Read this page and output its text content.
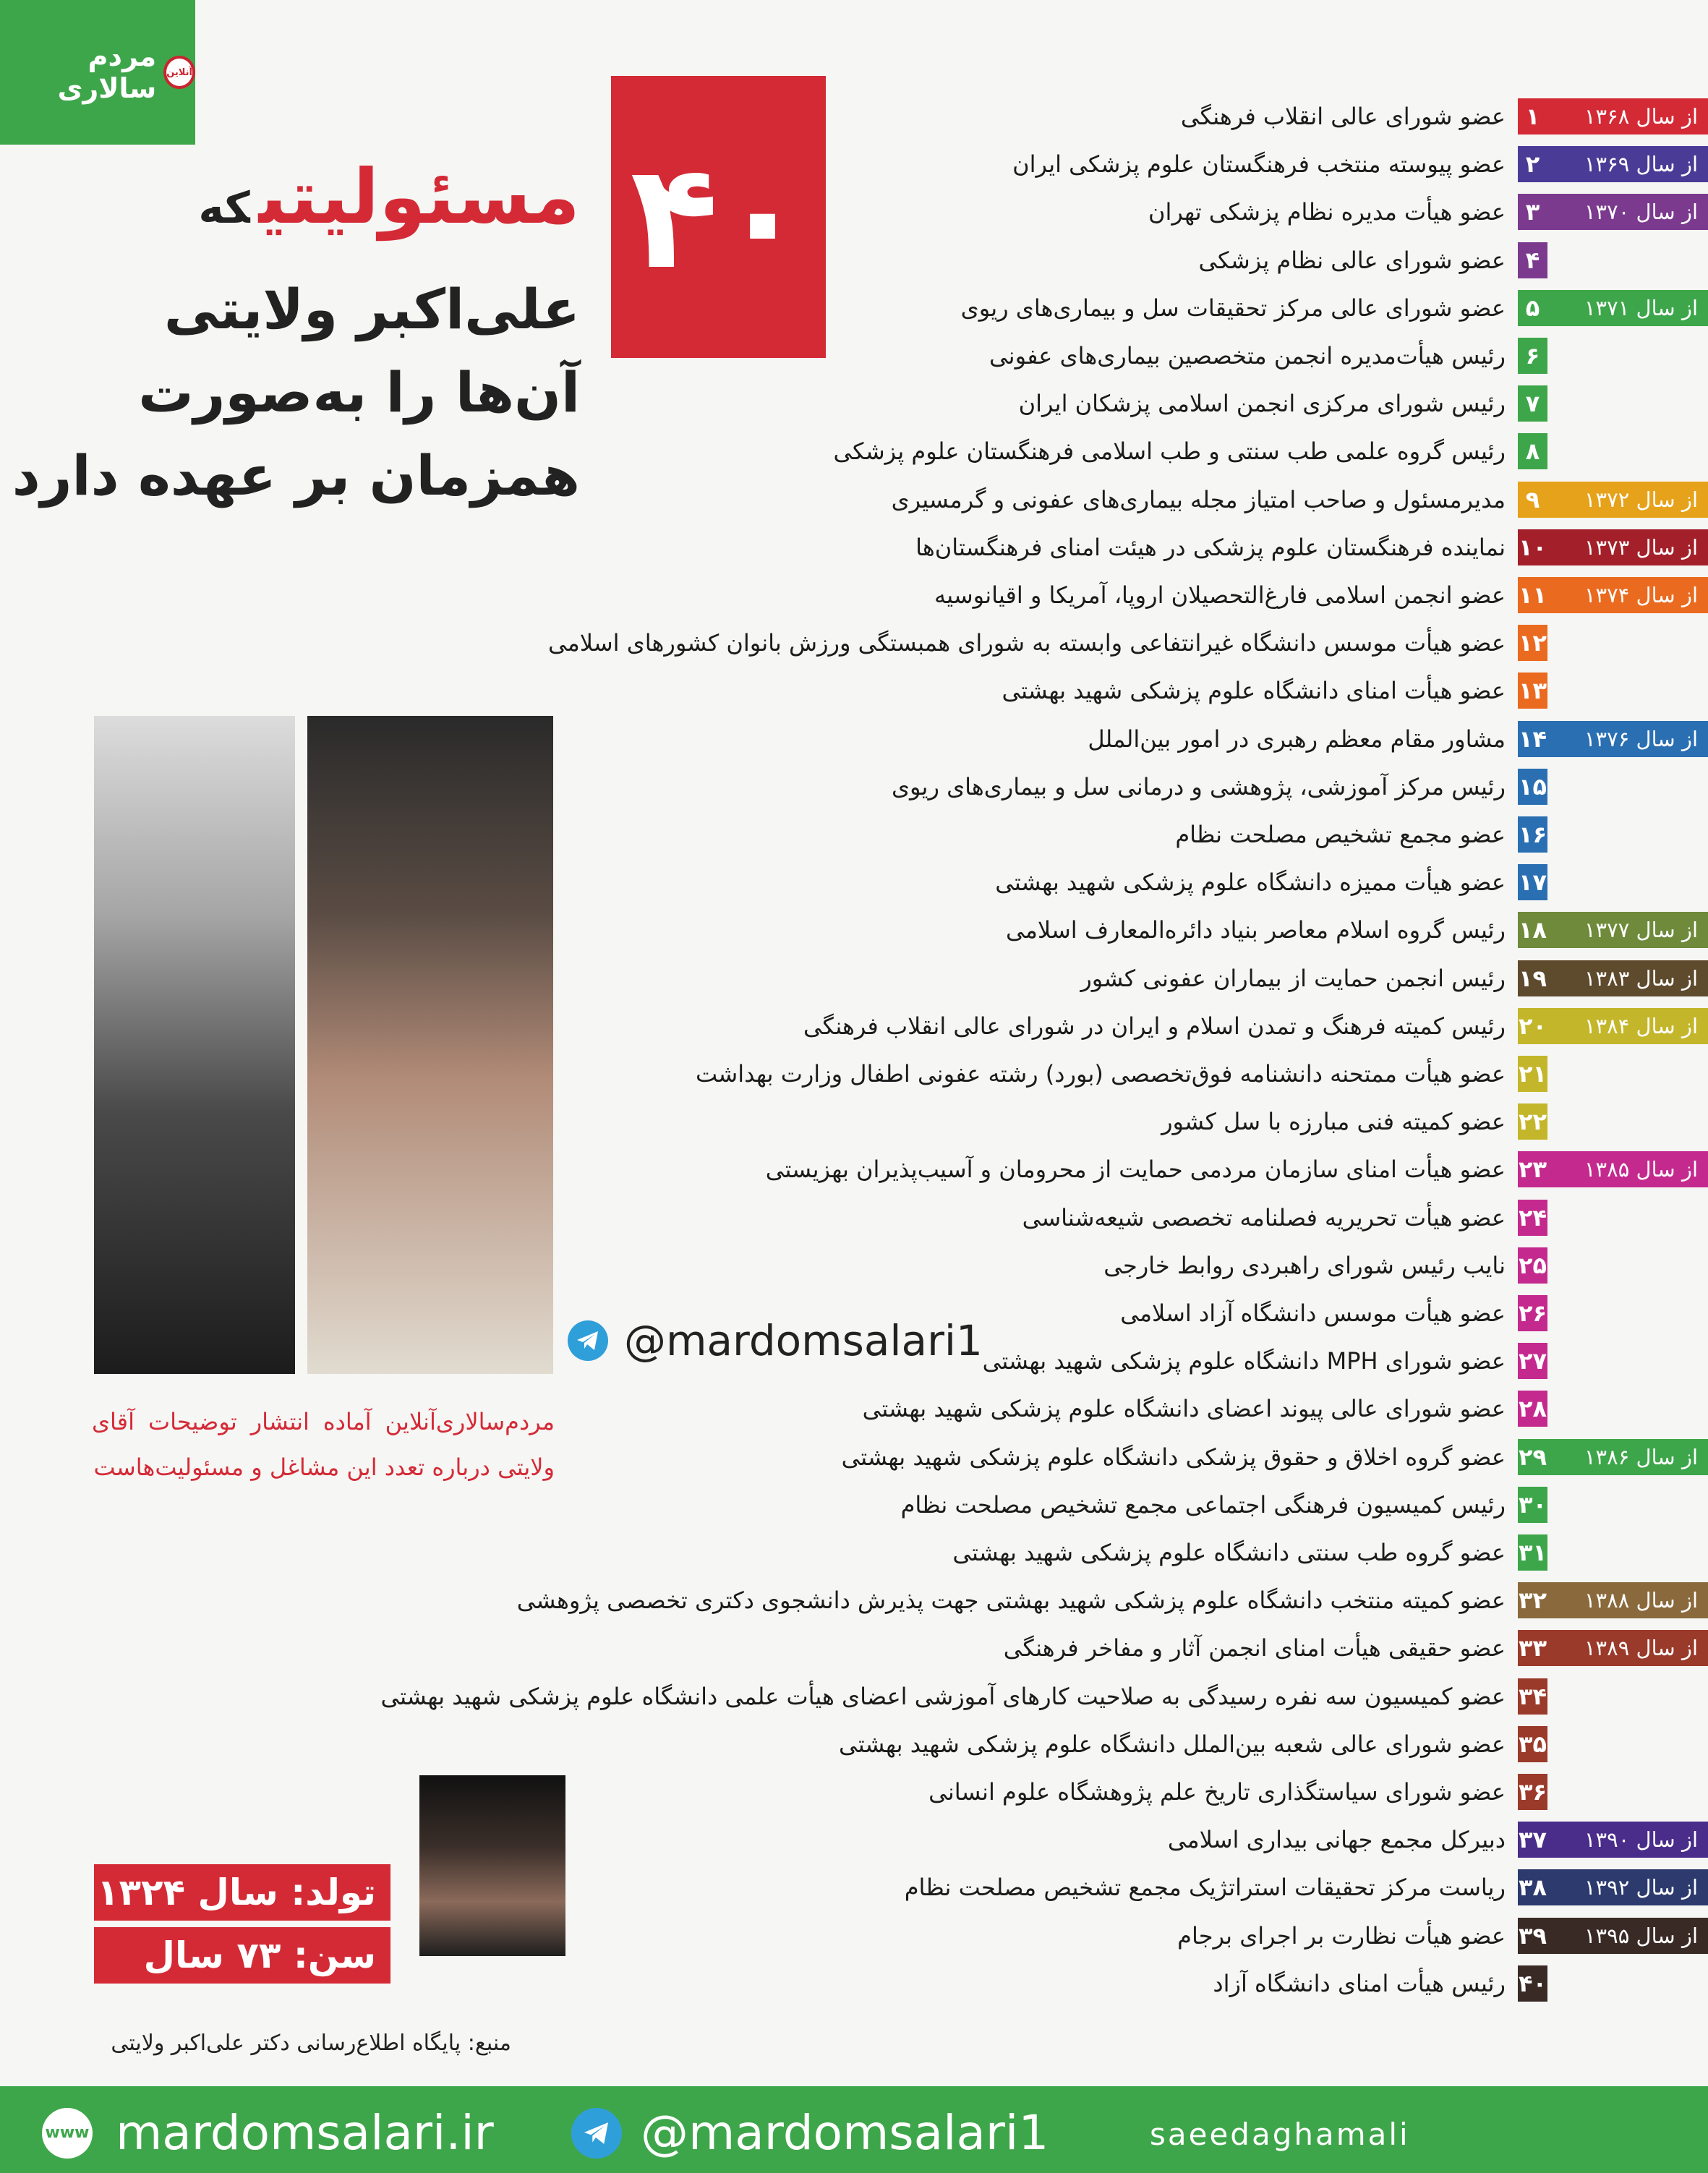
آنلاین
مردم سالاری
۴۰
مسئولیتیکه
علی‌اکبر ولایتی
آن‌ها را به‌صورت
همزمان بر عهده دارد
@mardomsalari1
مردم‌سالاری‌آنلاین آماده انتشار توضیحات آقای ولایتی درباره تعدد این مشاغل و مسئولیت‌هاست
تولد: سال ۱۳۲۴
سن: ۷۳ سال
منبع: پایگاه اطلاع‌رسانی دکتر علی‌اکبر ولایتی
از سال ۱۳۶۸
۱
عضو شورای عالی انقلاب فرهنگی
از سال ۱۳۶۹
۲
عضو پیوسته منتخب فرهنگستان علوم پزشکی ایران
از سال ۱۳۷۰
۳
عضو هیأت مدیره نظام پزشکی تهران
۴
عضو شورای عالی نظام پزشکی
از سال ۱۳۷۱
۵
عضو شورای عالی مرکز تحقیقات سل و بیماری‌های ریوی
۶
رئیس هیأت‌مدیره انجمن متخصصین بیماری‌های عفونی
۷
رئیس شورای مرکزی انجمن اسلامی پزشکان ایران
۸
رئیس گروه علمی طب سنتی و طب اسلامی فرهنگستان علوم پزشکی
از سال ۱۳۷۲
۹
مدیرمسئول و صاحب امتیاز مجله بیماری‌های عفونی و گرمسیری
از سال ۱۳۷۳
۱۰
نماینده فرهنگستان علوم پزشکی در هیئت امنای فرهنگستان‌ها
از سال ۱۳۷۴
۱۱
عضو انجمن اسلامی فارغ‌التحصیلان اروپا، آمریکا و اقیانوسیه
۱۲
عضو هیأت موسس دانشگاه غیرانتفاعی وابسته به شورای همبستگی ورزش بانوان کشورهای اسلامی
۱۳
عضو هیأت امنای دانشگاه علوم پزشکی شهید بهشتی
از سال ۱۳۷۶
۱۴
مشاور مقام معظم رهبری در امور بین‌الملل
۱۵
رئیس مرکز آموزشی، پژوهشی و درمانی سل و بیماری‌های ریوی
۱۶
عضو مجمع تشخیص مصلحت نظام
۱۷
عضو هیأت ممیزه دانشگاه علوم پزشکی شهید بهشتی
از سال ۱۳۷۷
۱۸
رئیس گروه اسلام معاصر بنیاد دائره‌المعارف اسلامی
از سال ۱۳۸۳
۱۹
رئیس انجمن حمایت از بیماران عفونی کشور
از سال ۱۳۸۴
۲۰
رئیس کمیته فرهنگ و تمدن اسلام و ایران در شورای عالی انقلاب فرهنگی
۲۱
عضو هیأت ممتحنه دانشنامه فوق‌تخصصی (بورد) رشته عفونی اطفال وزارت بهداشت
۲۲
عضو کمیته فنی مبارزه با سل کشور
از سال ۱۳۸۵
۲۳
عضو هیأت امنای سازمان مردمی حمایت از محرومان و آسیب‌پذیران بهزیستی
۲۴
عضو هیأت تحریریه فصلنامه تخصصی شیعه‌شناسی
۲۵
نایب رئیس شورای راهبردی روابط خارجی
۲۶
عضو هیأت موسس دانشگاه آزاد اسلامی
۲۷
عضو شورای MPH دانشگاه علوم پزشکی شهید بهشتی
۲۸
عضو شورای عالی پیوند اعضای دانشگاه علوم پزشکی شهید بهشتی
از سال ۱۳۸۶
۲۹
عضو گروه اخلاق و حقوق پزشکی دانشگاه علوم پزشکی شهید بهشتی
۳۰
رئیس کمیسیون فرهنگی اجتماعی مجمع تشخیص مصلحت نظام
۳۱
عضو گروه طب سنتی دانشگاه علوم پزشکی شهید بهشتی
از سال ۱۳۸۸
۳۲
عضو کمیته منتخب دانشگاه علوم پزشکی شهید بهشتی جهت پذیرش دانشجوی دکتری تخصصی پژوهشی
از سال ۱۳۸۹
۳۳
عضو حقیقی هیأت امنای انجمن آثار و مفاخر فرهنگی
۳۴
عضو کمیسیون سه نفره رسیدگی به صلاحیت کارهای آموزشی اعضای هیأت علمی دانشگاه علوم پزشکی شهید بهشتی
۳۵
عضو شورای عالی شعبه بین‌الملل دانشگاه علوم پزشکی شهید بهشتی
۳۶
عضو شورای سیاستگذاری تاریخ علم پژوهشگاه علوم انسانی
از سال ۱۳۹۰
۳۷
دبیرکل مجمع جهانی بیداری اسلامی
از سال ۱۳۹۲
۳۸
ریاست مرکز تحقیقات استراتژیک مجمع تشخیص مصلحت نظام
از سال ۱۳۹۵
۳۹
عضو هیأت نظارت بر اجرای برجام
۴۰
رئیس هیأت امنای دانشگاه آزاد
www mardomsalari.ir	@mardomsalari1	saeedaghamali
